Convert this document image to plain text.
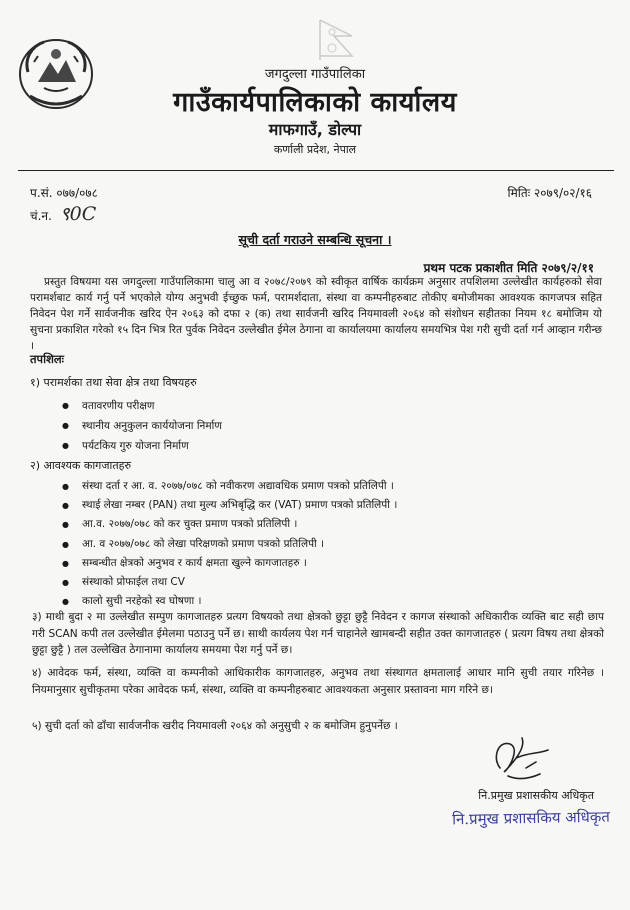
जगदुल्ला गाउँपालिका
गाउँकार्यपालिकाको कार्यालय
माफगाउँ, डोल्पा
कर्णाली प्रदेश, नेपाल
प.सं. ०७७/०७८	मितिः २०७९/०२/१६
चं.न. ९0C
सूची दर्ता गराउने सम्बन्धि सूचना ।
प्रथम पटक प्रकाशीत मिति २०७९/२/११
प्रस्तुत विषयमा यस जगदुल्ला गाउँपालिकामा चालु आ व २०७८/२०७९ को स्वीकृत वार्षिक कार्यक्रम अनुसार तपशिलमा उल्लेखीत कार्यहरुको सेवा परामर्शबाट कार्य गर्नु पर्ने भएकोले योग्य अनुभवी ईच्छुक फर्म, परामर्शदाता, संस्था वा कम्पनीहरुबाट तोकीए बमोजीमका आवश्यक कागजपत्र सहित निवेदन पेश गर्ने सार्वजनीक खरिद ऐन २०६३ को दफा २ (क) तथा सार्वजनी खरिद नियमावली २०६४ को संशोधन सहीतका नियम १८ बमोजिम यो सुचना प्रकाशित गरेको १५ दिन भित्र रित पुर्वक निवेदन उल्लेखीत ईमेल ठेगाना वा कार्यालयमा कार्यालय समयभित्र पेश गरी सुची दर्ता गर्न आव्हान गरीन्छ ।
तपशिलः
१) परामर्शका तथा सेवा क्षेत्र तथा विषयहरु
● वतावरणीय परीक्षण
● स्थानीय अनुकुलन कार्ययोजना निर्माण
● पर्यटकिय गुरु योजना निर्माण
२) आवश्यक कागजातहरु
● संस्था दर्ता र आ. व. २०७७/०७८ को नवीकरण अद्यावधिक प्रमाण पत्रको प्रतिलिपी ।
● स्थाई लेखा नम्बर (PAN) तथा मुल्य अभिबृद्धि कर (VAT) प्रमाण पत्रको प्रतिलिपी ।
● आ.व. २०७७/०७८ को कर चुक्त प्रमाण पत्रको प्रतिलिपी ।
● आ. व २०७७/०७८ को लेखा परिक्षणको प्रमाण पत्रको प्रतिलिपी ।
● सम्बन्धीत क्षेत्रको अनुभव र कार्य क्षमता खुल्ने कागजातहरु ।
● संस्थाको प्रोफाईल तथा CV
● कालो सुची नरहेको स्व घोषणा ।
३) माथी बुदा २ मा उल्लेखीत सम्पुण कागजातहरु प्रत्यग विषयको तथा क्षेत्रको छुट्टा छुट्टै निवेदन र कागज संस्थाको अधिकारीक व्यक्ति बाट सही छाप गरी SCAN कपी तल उल्लेखीत ईमेलमा पठाउनु पर्ने छ। साथी कार्यलय पेश गर्न चाहानेले खामबन्दी सहीत उक्त कागजातहरु ( प्रत्यग विषय तथा क्षेत्रको छुट्टा छुट्टै ) तल उल्लेखित ठेगानामा कार्यालय समयमा पेश गर्नु पर्ने छ।
४) आवेदक फर्म, संस्था, व्यक्ति वा कम्पनीको आधिकारीक कागजातहरु, अनुभव तथा संस्थागत क्षमतालाई आधार मानि सुची तयार गरिनेछ । नियमानुसार सुचीकृतमा परेका आवेदक फर्म, संस्था, व्यक्ति वा कम्पनीहरुबाट आवश्यकता अनुसार प्रस्तावना माग गरिने छ।
५) सुची दर्ता को ढाँचा सार्वजनीक खरीद नियमावली २०६४ को अनुसुची २ क बमोजिम हुनुपर्नेछ ।
नि.प्रमुख प्रशासकीय अधिकृत
नि.प्रमुख प्रशासकिय अधिकृत
